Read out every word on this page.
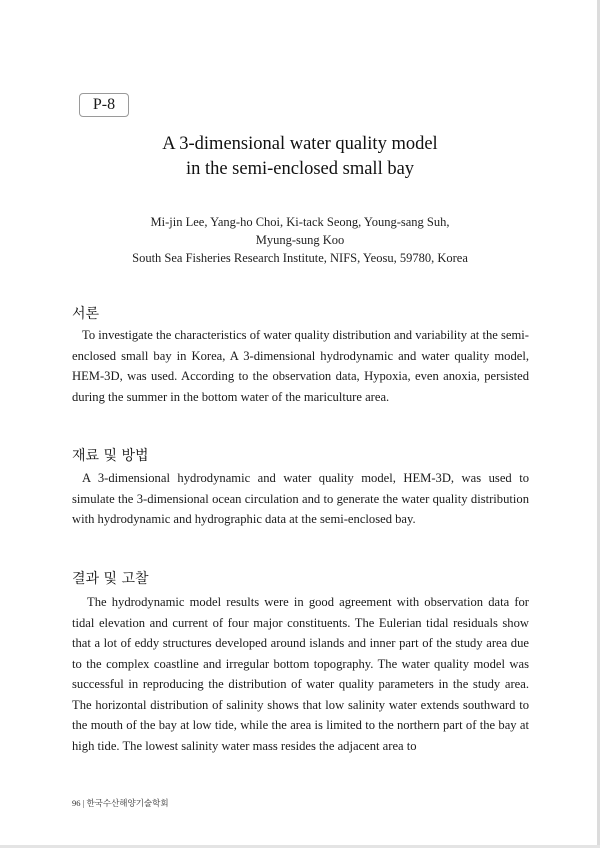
P-8
A 3-dimensional water quality model
in the semi-enclosed small bay
Mi-jin Lee, Yang-ho Choi, Ki-tack Seong, Young-sang Suh,
Myung-sung Koo
South Sea Fisheries Research Institute, NIFS, Yeosu, 59780, Korea
서론

To investigate the characteristics of water quality distribution and variability at the semi-enclosed small bay in Korea, A 3-dimensional hydrodynamic and water quality model, HEM-3D, was used. According to the observation data, Hypoxia, even anoxia, persisted during the summer in the bottom water of the mariculture area.

재료 및 방법

A 3-dimensional hydrodynamic and water quality model, HEM-3D, was used to simulate the 3-dimensional ocean circulation and to generate the water quality distribution with hydrodynamic and hydrographic data at the semi-enclosed bay.

결과 및 고찰

The hydrodynamic model results were in good agreement with observation data for tidal elevation and current of four major constituents. The Eulerian tidal residuals show that a lot of eddy structures developed around islands and inner part of the study area due to the complex coastline and irregular bottom topography. The water quality model was successful in reproducing the distribution of water quality parameters in the study area. The horizontal distribution of salinity shows that low salinity water extends southward to the mouth of the bay at low tide, while the area is limited to the northern part of the bay at high tide. The lowest salinity water mass resides the adjacent area to

96 | 한국수산해양기술학회
